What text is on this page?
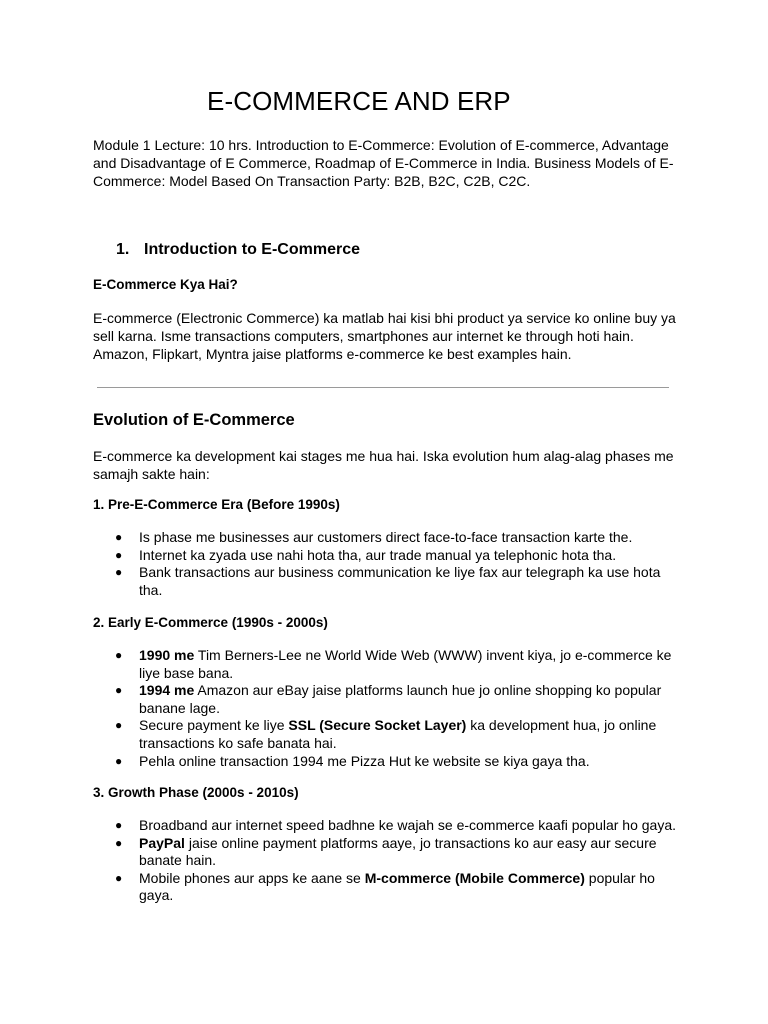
E-COMMERCE AND ERP

Module 1 Lecture: 10 hrs. Introduction to E-Commerce: Evolution of E-commerce, Advantage and Disadvantage of E Commerce, Roadmap of E-Commerce in India. Business Models of E-Commerce: Model Based On Transaction Party: B2B, B2C, C2B, C2C.

1. Introduction to E-Commerce
E-Commerce Kya Hai?

E-commerce (Electronic Commerce) ka matlab hai kisi bhi product ya service ko online buy ya sell karna. Isme transactions computers, smartphones aur internet ke through hoti hain. Amazon, Flipkart, Myntra jaise platforms e-commerce ke best examples hain.

Evolution of E-Commerce

E-commerce ka development kai stages me hua hai. Iska evolution hum alag-alag phases me samajh sakte hain:

1. Pre-E-Commerce Era (Before 1990s)
● Is phase me businesses aur customers direct face-to-face transaction karte the.
● Internet ka zyada use nahi hota tha, aur trade manual ya telephonic hota tha.
● Bank transactions aur business communication ke liye fax aur telegraph ka use hota tha.
2. Early E-Commerce (1990s - 2000s)
● 1990 me Tim Berners-Lee ne World Wide Web (WWW) invent kiya, jo e-commerce ke liye base bana.
● 1994 me Amazon aur eBay jaise platforms launch hue jo online shopping ko popular banane lage.
● Secure payment ke liye SSL (Secure Socket Layer) ka development hua, jo online transactions ko safe banata hai.
● Pehla online transaction 1994 me Pizza Hut ke website se kiya gaya tha.
3. Growth Phase (2000s - 2010s)
● Broadband aur internet speed badhne ke wajah se e-commerce kaafi popular ho gaya.
● PayPal jaise online payment platforms aaye, jo transactions ko aur easy aur secure banate hain.
● Mobile phones aur apps ke aane se M-commerce (Mobile Commerce) popular ho gaya.
